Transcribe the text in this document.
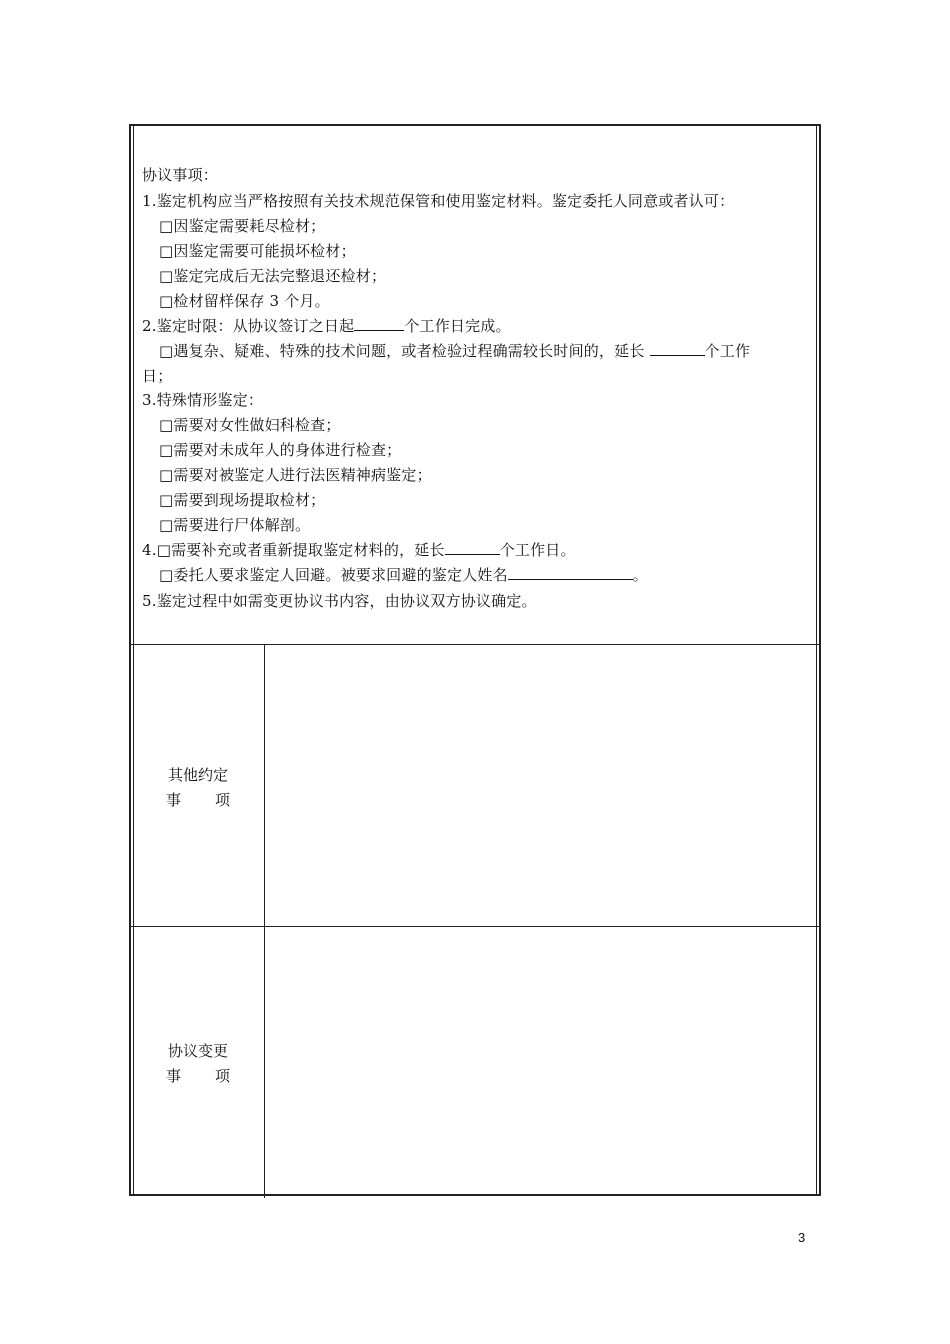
协议事项：
1.鉴定机构应当严格按照有关技术规范保管和使用鉴定材料。鉴定委托人同意或者认可：
□因鉴定需要耗尽检材；
□因鉴定需要可能损坏检材；
□鉴定完成后无法完整退还检材；
□检材留样保存 3 个月。
2.鉴定时限：从协议签订之日起	个工作日完成。
□遇复杂、疑难、特殊的技术问题，或者检验过程确需较长时间的，延长	个工作
日；
3.特殊情形鉴定：
□需要对女性做妇科检查；
□需要对未成年人的身体进行检查；
□需要对被鉴定人进行法医精神病鉴定；
□需要到现场提取检材；
□需要进行尸体解剖。
4.□需要补充或者重新提取鉴定材料的，延长	个工作日。
□委托人要求鉴定人回避。被要求回避的鉴定人姓名	。
5.鉴定过程中如需变更协议书内容，由协议双方协议确定。
其他约定
事 项
协议变更
事 项
3
